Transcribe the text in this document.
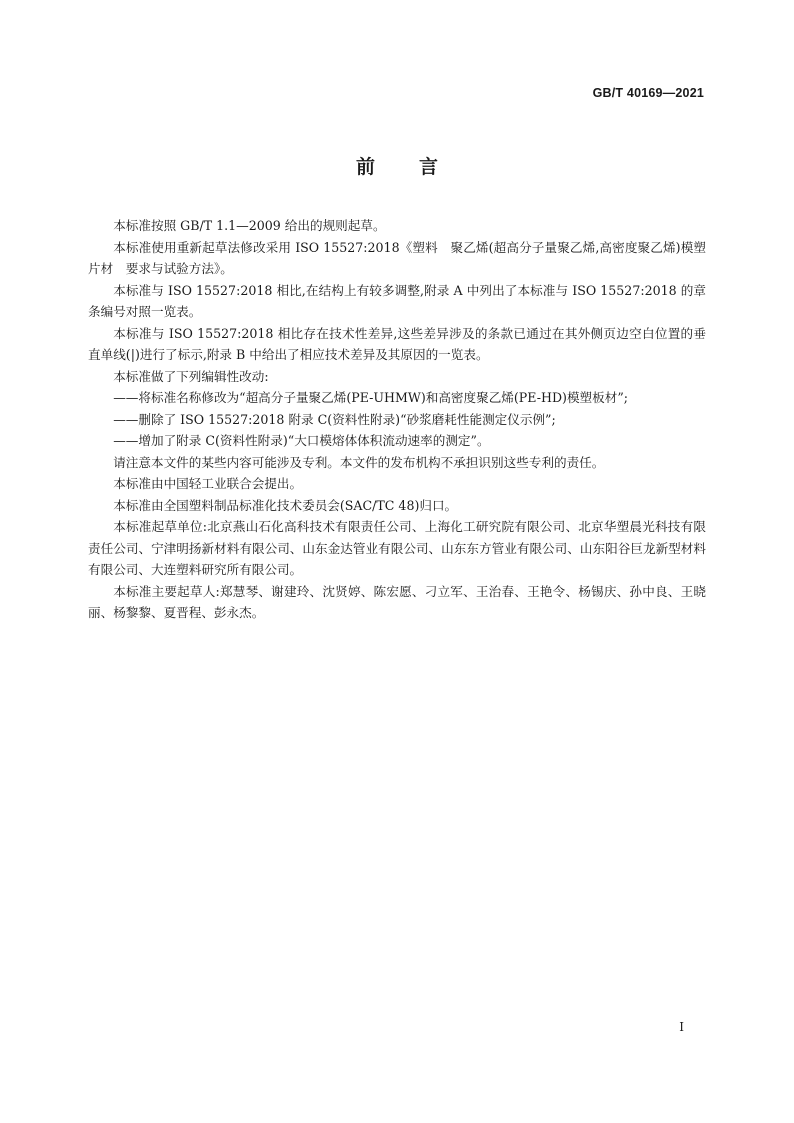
GB/T 40169—2021
前言

本标准按照 GB/T 1.1—2009 给出的规则起草。

本标准使用重新起草法修改采用 ISO 15527:2018《塑料　聚乙烯(超高分子量聚乙烯,高密度聚乙烯)模塑片材　要求与试验方法》。

本标准与 ISO 15527:2018 相比,在结构上有较多调整,附录 A 中列出了本标准与 ISO 15527:2018 的章条编号对照一览表。

本标准与 ISO 15527:2018 相比存在技术性差异,这些差异涉及的条款已通过在其外侧页边空白位置的垂直单线(|)进行了标示,附录 B 中给出了相应技术差异及其原因的一览表。

本标准做了下列编辑性改动:

——将标准名称修改为“超高分子量聚乙烯(PE-UHMW)和高密度聚乙烯(PE-HD)模塑板材”;

——删除了 ISO 15527:2018 附录 C(资料性附录)“砂浆磨耗性能测定仪示例”;

——增加了附录 C(资料性附录)“大口模熔体体积流动速率的测定”。

请注意本文件的某些内容可能涉及专利。本文件的发布机构不承担识别这些专利的责任。

本标准由中国轻工业联合会提出。

本标准由全国塑料制品标准化技术委员会(SAC/TC 48)归口。

本标准起草单位:北京燕山石化高科技术有限责任公司、上海化工研究院有限公司、北京华塑晨光科技有限责任公司、宁津明扬新材料有限公司、山东金达管业有限公司、山东东方管业有限公司、山东阳谷巨龙新型材料有限公司、大连塑料研究所有限公司。

本标准主要起草人:郑慧琴、谢建玲、沈贤婷、陈宏愿、刁立军、王治春、王艳令、杨锡庆、孙中良、王晓丽、杨黎黎、夏晋程、彭永杰。

I
